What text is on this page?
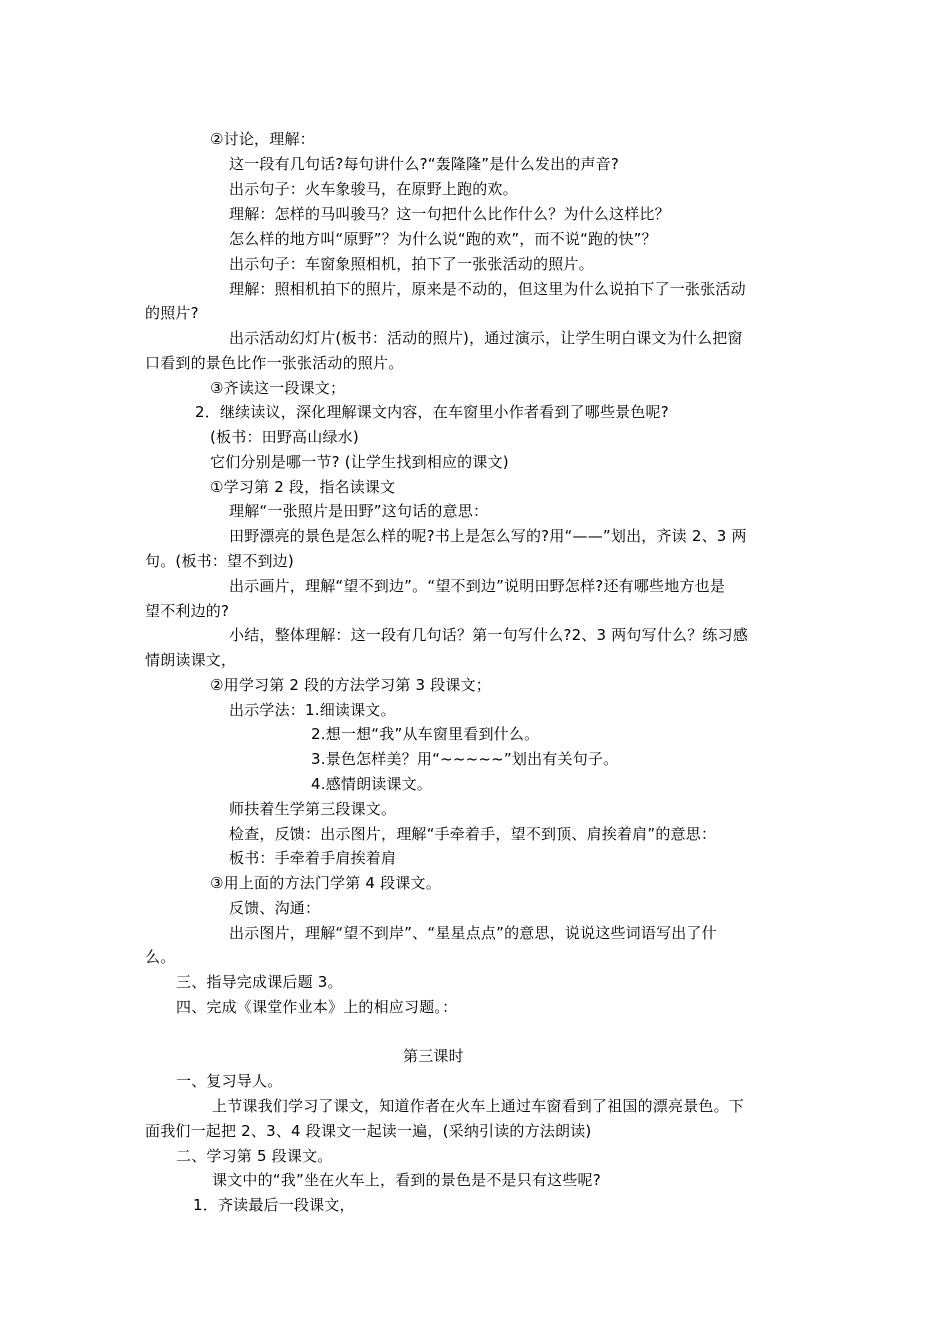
②讨论，理解：
这一段有几句话?每句讲什么?“轰隆隆”是什么发出的声音?
出示句子：火车象骏马，在原野上跑的欢。
理解：怎样的马叫骏马？这一句把什么比作什么？为什么这样比？
怎么样的地方叫“原野”？为什么说“跑的欢”，而不说“跑的快”？
出示句子：车窗象照相机，拍下了一张张活动的照片。
理解：照相机拍下的照片，原来是不动的，但这里为什么说拍下了一张张活动
的照片?
出示活动幻灯片(板书：活动的照片)，通过演示，让学生明白课文为什么把窗
口看到的景色比作一张张活动的照片。
③齐读这一段课文；
2．继续读议，深化理解课文内容，在车窗里小作者看到了哪些景色呢?
(板书：田野高山绿水)
它们分别是哪一节? (让学生找到相应的课文)
①学习第 2 段，指名读课文
理解“一张照片是田野”这句话的意思：
田野漂亮的景色是怎么样的呢?书上是怎么写的?用“——”划出，齐读 2、3 两
句。(板书：望不到边)
出示画片，理解“望不到边”。“望不到边”说明田野怎样?还有哪些地方也是
望不利边的?
小结，整体理解：这一段有几句话？第一句写什么?2、3 两句写什么？练习感
情朗读课文，
②用学习第 2 段的方法学习第 3 段课文；
出示学法：1.细读课文。
2.想一想“我”从车窗里看到什么。
3.景色怎样美？用“~~~~~”划出有关句子。
4.感情朗读课文。
师扶着生学第三段课文。
检查，反馈：出示图片，理解“手牵着手，望不到顶、肩挨着肩”的意思：
板书：手牵着手肩挨着肩
③用上面的方法门学第 4 段课文。
反馈、沟通：
出示图片，理解“望不到岸”、“星星点点”的意思，说说这些词语写出了什
么。
三、指导完成课后题 3。
四、完成《课堂作业本》上的相应习题。：
第三课时
一、复习导人。
上节课我们学习了课文，知道作者在火车上通过车窗看到了祖国的漂亮景色。下
面我们一起把 2、3、4 段课文一起读一遍，(采纳引读的方法朗读)
二、学习第 5 段课文。
课文中的“我”坐在火车上，看到的景色是不是只有这些呢?
1．齐读最后一段课文，
